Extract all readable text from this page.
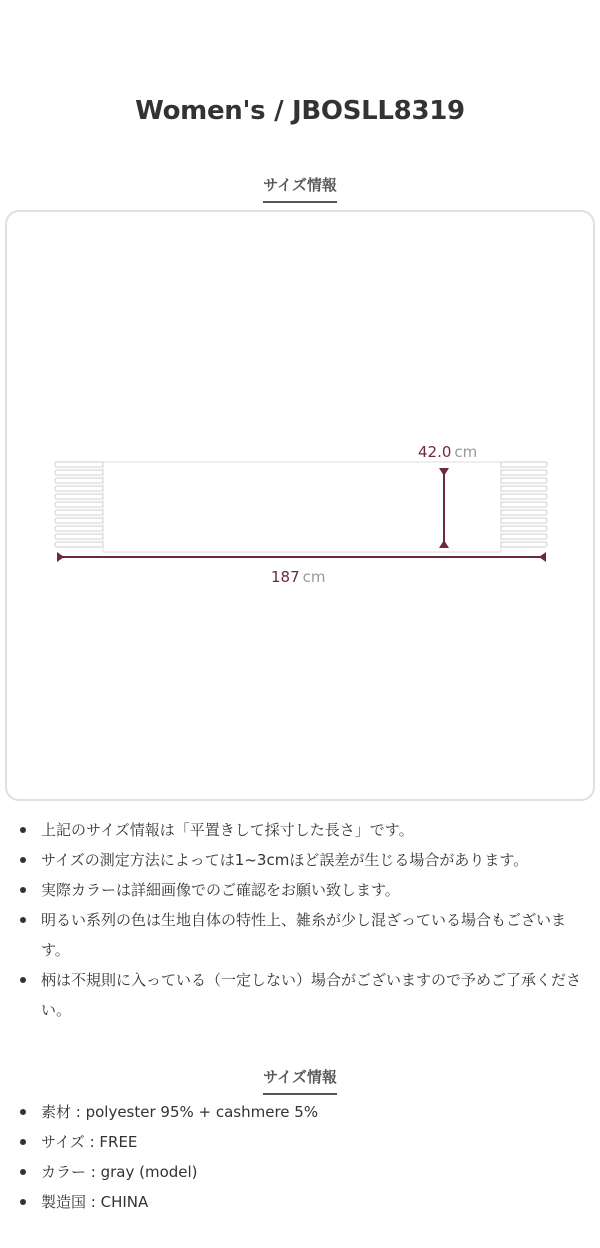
Women's / JBOSLL8319
サイズ情報
42.0 cm
187 cm
上記のサイズ情報は「平置きして採寸した長さ」です。
サイズの測定方法によっては1~3cmほど誤差が生じる場合があります。
実際カラーは詳細画像でのご確認をお願い致します。
明るい系列の色は生地自体の特性上、雑糸が少し混ざっている場合もございます。
柄は不規則に入っている（一定しない）場合がございますので予めご了承ください。
サイズ情報
素材 : polyester 95% + cashmere 5%
サイズ : FREE
カラー : gray (model)
製造国 : CHINA
